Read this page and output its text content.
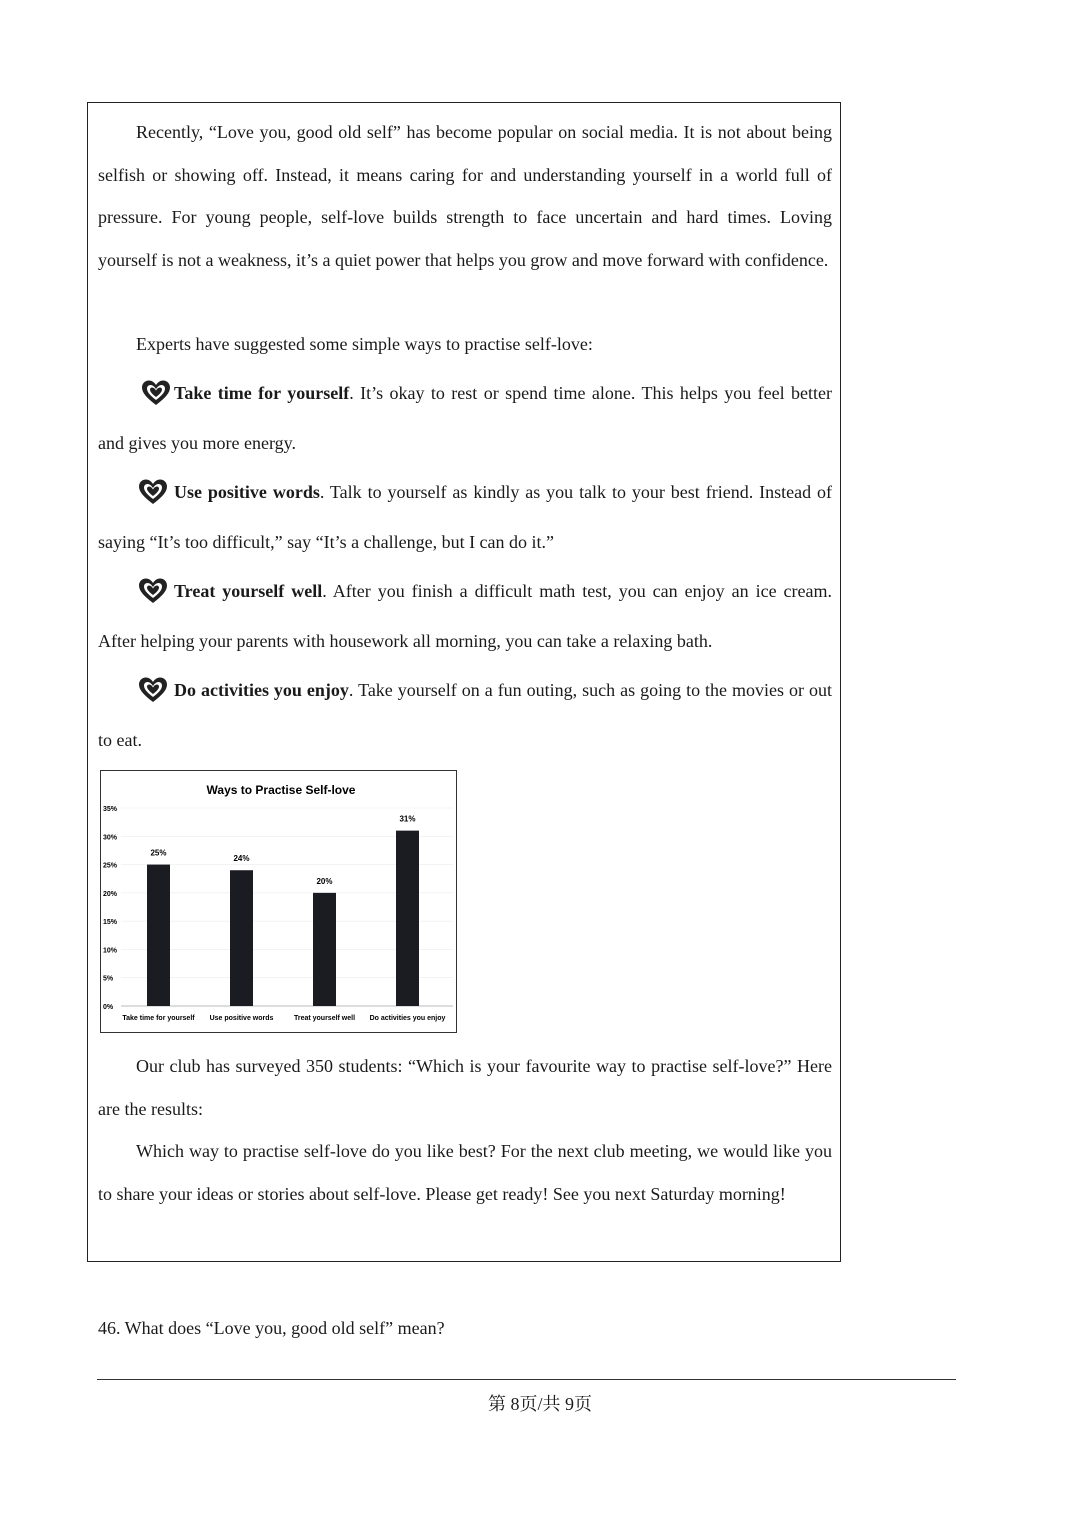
Recently, “Love you, good old self” has become popular on social media. It is not about being selfish or showing off. Instead, it means caring for and understanding yourself in a world full of pressure. For young people, self-love builds strength to face uncertain and hard times. Loving yourself is not a weakness, it’s a quiet power that helps you grow and move forward with confidence.

Experts have suggested some simple ways to practise self-love:

Take time for yourself. It’s okay to rest or spend time alone. This helps you feel better and gives you more energy.

Use positive words. Talk to yourself as kindly as you talk to your best friend. Instead of saying “It’s too difficult,” say “It’s a challenge, but I can do it.”

Treat yourself well. After you finish a difficult math test, you can enjoy an ice cream. After helping your parents with housework all morning, you can take a relaxing bath.

Do activities you enjoy. Take yourself on a fun outing, such as going to the movies or out to eat.

Ways to Practise Self-love
0%
5%
10%
15%
20%
25%
30%
35%
25%
Take time for yourself
24%
Use positive words
20%
Treat yourself well
31%
Do activities you enjoy

Our club has surveyed 350 students: “Which is your favourite way to practise self-love?” Here are the results:

Which way to practise self-love do you like best? For the next club meeting, we would like you to share your ideas or stories about self-love. Please get ready! See you next Saturday morning!

46. What does “Love you, good old self” mean?

第 8页/共 9页
